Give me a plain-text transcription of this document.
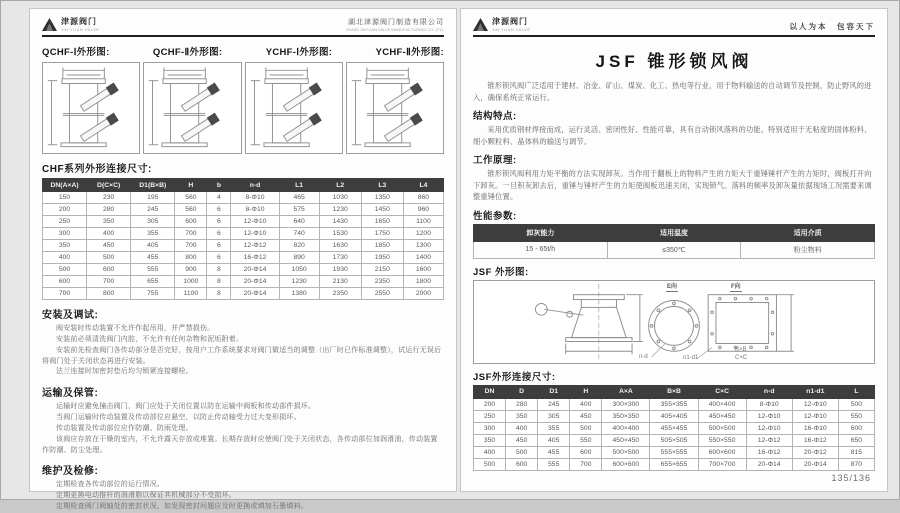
津源阀门
JIN YUAN VALVE
湖北津源阀门制造有限公司
HUBEI JINYUAN VALVE MANUFACTURING CO.,LTD.
QCHF-Ⅰ外形图:	QCHF-Ⅱ外形图:	YCHF-Ⅰ外形图:	YCHF-Ⅱ外形图:
CHF系列外形连接尺寸:
DN(A×A)	D(C×C)	D1(B×B)	H	b	n-d	L1	L2	L3	L4
150	230	195	560	4	8-Φ10	465	1030	1350	860
200	280	245	560	6	8-Φ10	575	1230	1450	960
250	350	305	600	6	12-Φ10	640	1430	1650	1100
300	400	355	700	6	12-Φ10	740	1530	1750	1200
350	450	405	700	6	12-Φ12	820	1630	1850	1300
400	500	455	800	6	16-Φ12	890	1730	1950	1400
500	600	555	900	8	20-Φ14	1050	1930	2150	1600
600	700	655	1000	8	20-Φ14	1230	2130	2350	1800
700	800	755	1100	8	20-Φ14	1380	2350	2550	2000
安装及调试:

阀安装时传动装置不允许作起吊用，并严禁损伤。

安装前必须清洗阀门内腔，不允许有任何杂物和泥垢附着。

安装前先检查阀门各传动部分是否完好，按用户工作系统要求对阀门做适当的调整（出厂时已作标准调整），试运行无误后将阀门处于关闭状态再进行安装。

法兰连接时加密封垫后均匀锁紧连接螺栓。

运输及保管:

运输时应避免撞击阀门，阀门应处于关闭位置以防在运输中阀板和传动部件损坏。

当阀门运输时传动装置及传动部位应悬空，以防止传动轴受力过大变形损坏。

传动装置及传动部位应作防潮、防雨处理。

该阀应存放在干燥的室内，不允许露天存放或堆置。长期存放时应使阀门处于关闭状态，各传动部位加润滑油，传动装置作防潮、防尘处理。

维护及检修:

定期检查各传动部位的运行情况。

定期更换电动推杆的润滑脂以保证其机械部分不受损坏。

定期检查阀门阀轴处的密封状况，如发现密封问题应及时更换或填加石墨填料。

津源阀门
JIN YUAN VALVE	以人为本　包容天下
JSF 锥形锁风阀

锥形锁风阀广泛适用于建材、冶金、矿山、煤炭、化工、热电等行业，用于物料输送的自动调节及控制，防止野风的进入，确保系统正常运行。

结构特点:

采用优质钢材焊接而成，运行灵活、密闭性好、性能可靠，具有自动锁风落料的功能。特别适用于无粘度的固体粉料、细小颗粒料、晶体料的输送与调节。

工作原理:

锥形锁风阀利用力矩平衡的方法实现卸灰。当作用于翻板上的物料产生的力矩大于重锤锤杆产生的力矩时，阀板打开向下卸灰。一旦积灰卸去后，重锤与锤杆产生的力矩使阀板迅速关闭，实现锁气。落料的频率及卸灰量依据现场工况需要来调整重锤位置。

性能参数:
卸灰能力	适用温度	适用介质
15 - 65t/h	≤350℃	粉尘物料
JSF 外形图:
E向	F向
n-d	n1-d1
B×B
C×C
JSF外形连接尺寸:
DN	D	D1	H	A×A	B×B	C×C	n-d	n1-d1	L
200	280	245	400	300×300	355×355	400×400	8-Φ10	12-Φ10	500
250	350	305	450	350×350	405×405	450×450	12-Φ10	12-Φ10	550
300	400	355	500	400×400	455×455	500×500	12-Φ10	16-Φ10	600
350	450	405	550	450×450	505×505	550×550	12-Φ12	16-Φ12	650
400	500	455	600	500×500	555×555	600×600	16-Φ12	20-Φ12	815
500	600	555	700	600×600	655×655	700×700	20-Φ14	20-Φ14	870
135/136
